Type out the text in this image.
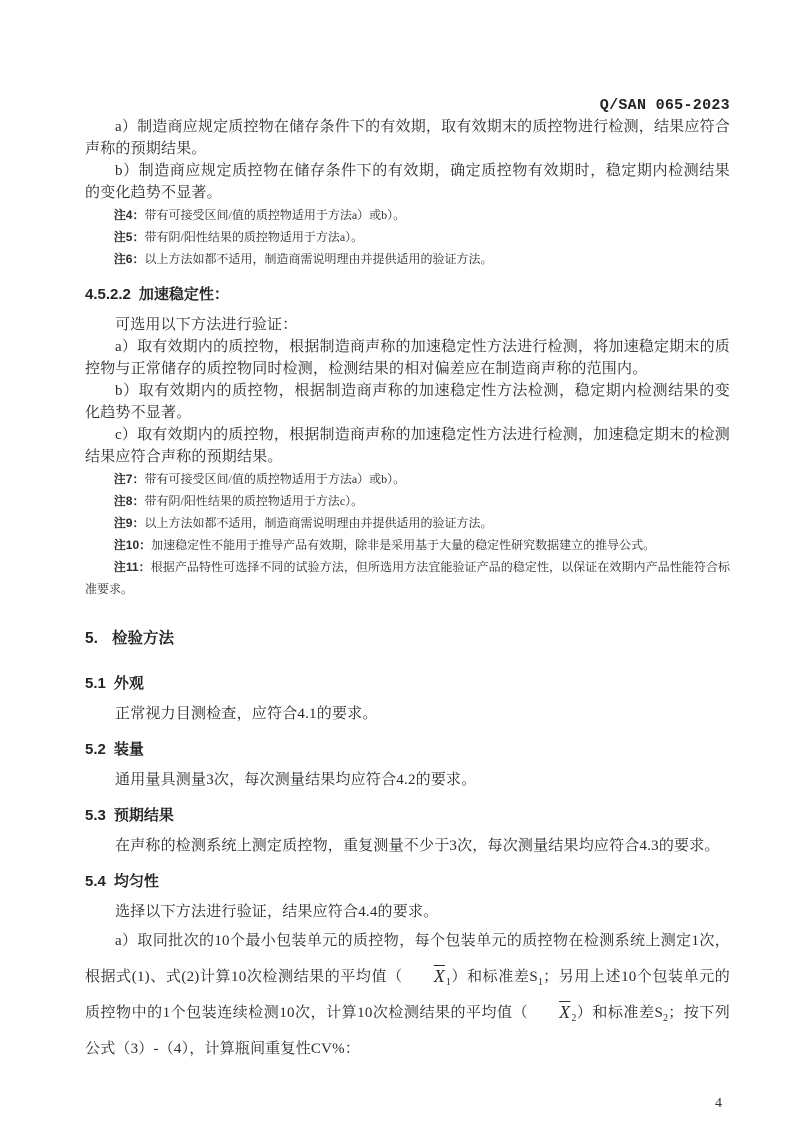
Q/SAN 065-2023

a）制造商应规定质控物在储存条件下的有效期，取有效期末的质控物进行检测，结果应符合声称的预期结果。

b）制造商应规定质控物在储存条件下的有效期，确定质控物有效期时，稳定期内检测结果的变化趋势不显著。

注4：带有可接受区间/值的质控物适用于方法a）或b）。

注5：带有阴/阳性结果的质控物适用于方法a）。

注6：以上方法如都不适用，制造商需说明理由并提供适用的验证方法。

4.5.2.2 加速稳定性：

可选用以下方法进行验证：

a）取有效期内的质控物，根据制造商声称的加速稳定性方法进行检测，将加速稳定期末的质控物与正常储存的质控物同时检测，检测结果的相对偏差应在制造商声称的范围内。

b）取有效期内的质控物，根据制造商声称的加速稳定性方法检测，稳定期内检测结果的变化趋势不显著。

c）取有效期内的质控物，根据制造商声称的加速稳定性方法进行检测，加速稳定期末的检测结果应符合声称的预期结果。

注7：带有可接受区间/值的质控物适用于方法a）或b）。

注8：带有阴/阳性结果的质控物适用于方法c）。

注9：以上方法如都不适用，制造商需说明理由并提供适用的验证方法。

注10：加速稳定性不能用于推导产品有效期，除非是采用基于大量的稳定性研究数据建立的推导公式。

注11：根据产品特性可选择不同的试验方法，但所选用方法宜能验证产品的稳定性，以保证在效期内产品性能符合标准要求。

5. 检验方法
5.1 外观

正常视力目测检查，应符合4.1的要求。

5.2 装量

通用量具测量3次，每次测量结果均应符合4.2的要求。

5.3 预期结果

在声称的检测系统上测定质控物，重复测量不少于3次，每次测量结果均应符合4.3的要求。

5.4 均匀性

选择以下方法进行验证，结果应符合4.4的要求。

a）取同批次的10个最小包装单元的质控物，每个包装单元的质控物在检测系统上测定1次，根据式(1)、式(2)计算10次检测结果的平均值（ $\overline{X}_1$）和标准差$S_1$；另用上述10个包装单元的质控物中的1个包装连续检测10次，计算10次检测结果的平均值（ $\overline{X}_2$）和标准差$S_2$；按下列公式（3）-（4），计算瓶间重复性CV%：

4
